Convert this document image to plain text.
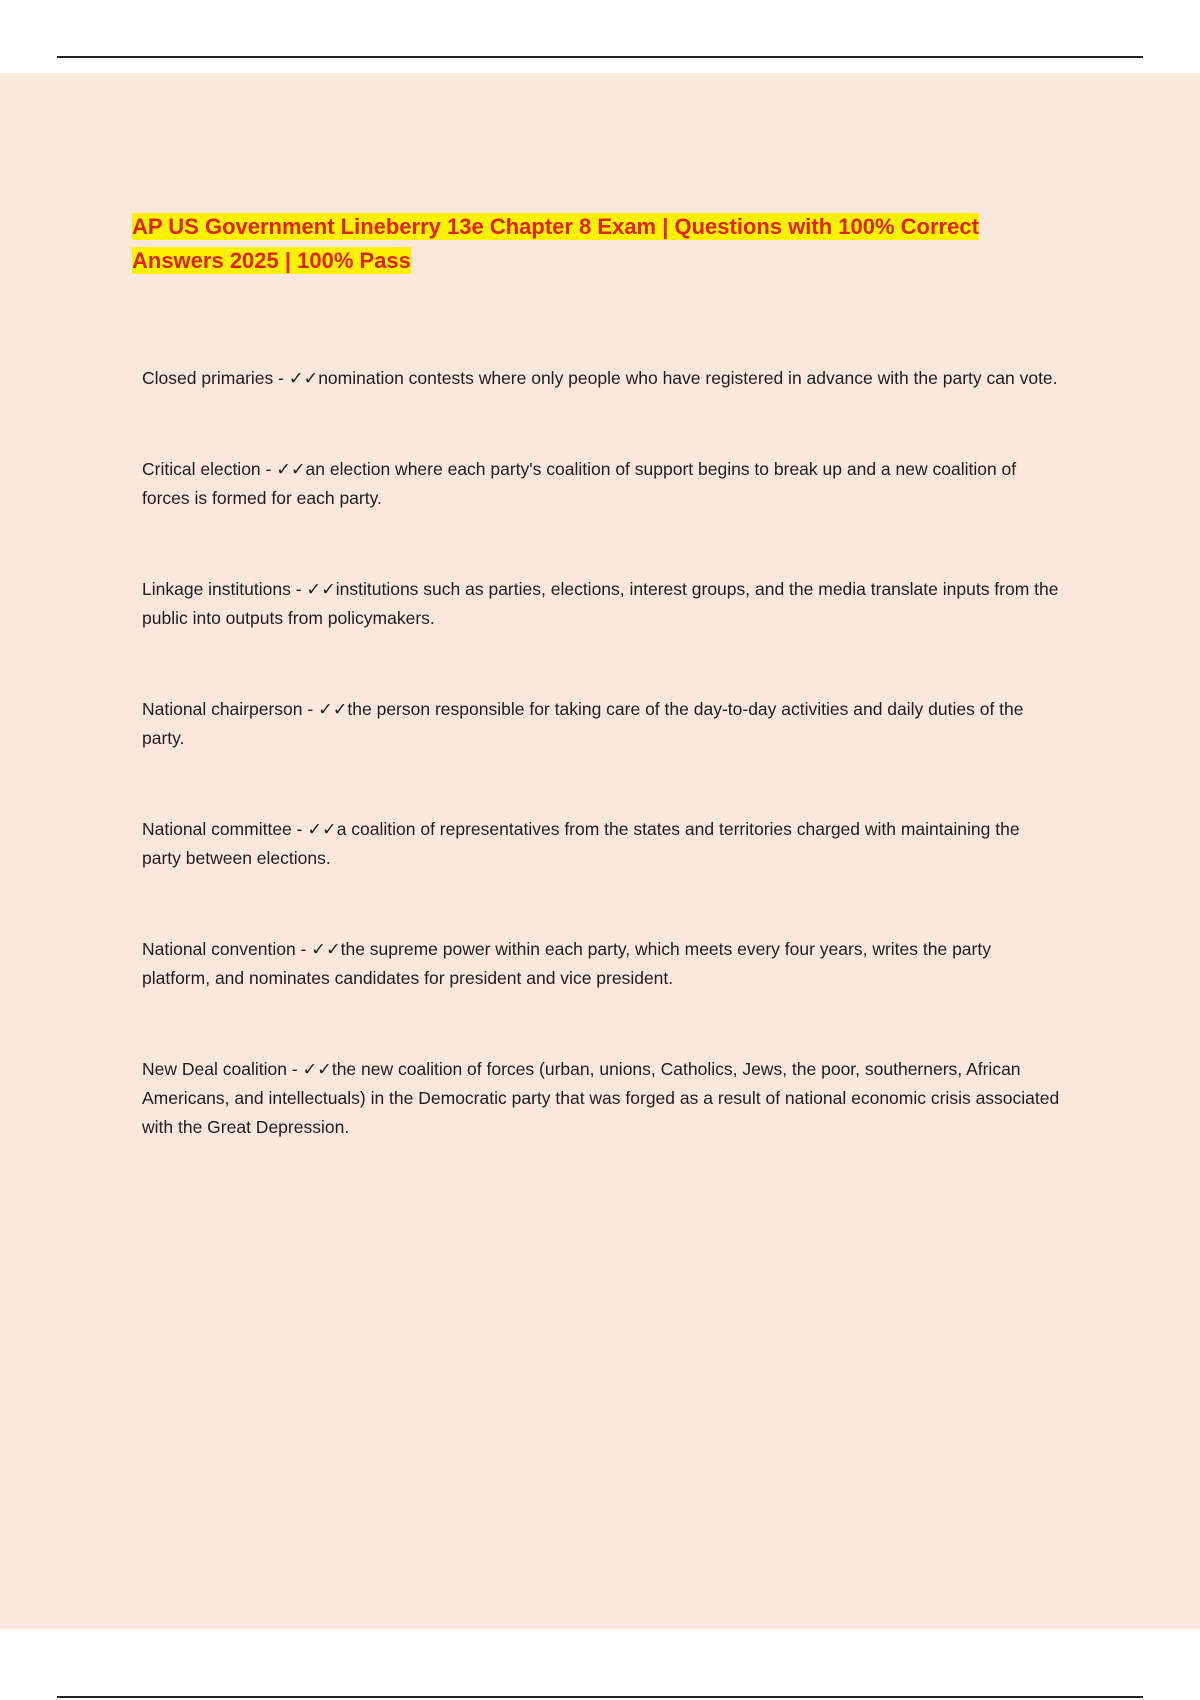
AP US Government Lineberry 13e Chapter 8 Exam | Questions with 100% Correct Answers 2025 | 100% Pass

Closed primaries - ✓✓nomination contests where only people who have registered in advance with the party can vote.

Critical election - ✓✓an election where each party's coalition of support begins to break up and a new coalition of forces is formed for each party.

Linkage institutions - ✓✓institutions such as parties, elections, interest groups, and the media translate inputs from the public into outputs from policymakers.

National chairperson - ✓✓the person responsible for taking care of the day-to-day activities and daily duties of the party.

National committee - ✓✓a coalition of representatives from the states and territories charged with maintaining the party between elections.

National convention - ✓✓the supreme power within each party, which meets every four years, writes the party platform, and nominates candidates for president and vice president.

New Deal coalition - ✓✓the new coalition of forces (urban, unions, Catholics, Jews, the poor, southerners, African Americans, and intellectuals) in the Democratic party that was forged as a result of national economic crisis associated with the Great Depression.
